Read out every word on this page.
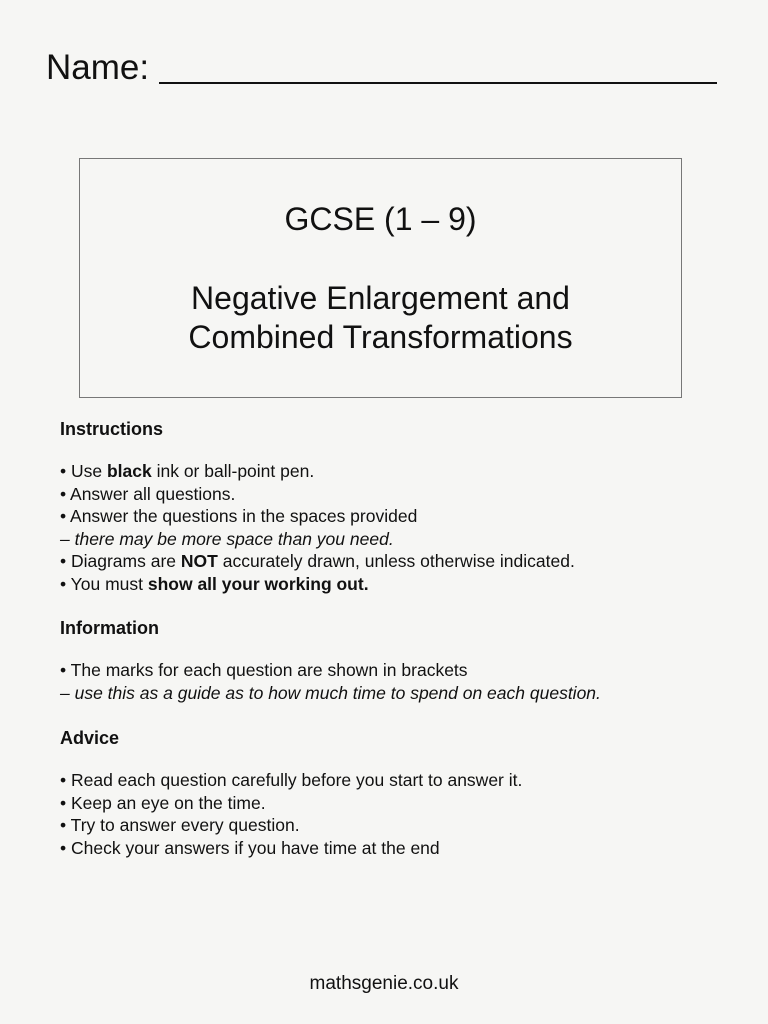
Name:
GCSE (1 – 9)
Negative Enlargement and
Combined Transformations
Instructions
• Use black ink or ball-point pen.
• Answer all questions.
• Answer the questions in the spaces provided
– there may be more space than you need.
• Diagrams are NOT accurately drawn, unless otherwise indicated.
• You must show all your working out.
Information
• The marks for each question are shown in brackets
– use this as a guide as to how much time to spend on each question.
Advice
• Read each question carefully before you start to answer it.
• Keep an eye on the time.
• Try to answer every question.
• Check your answers if you have time at the end
mathsgenie.co.uk
